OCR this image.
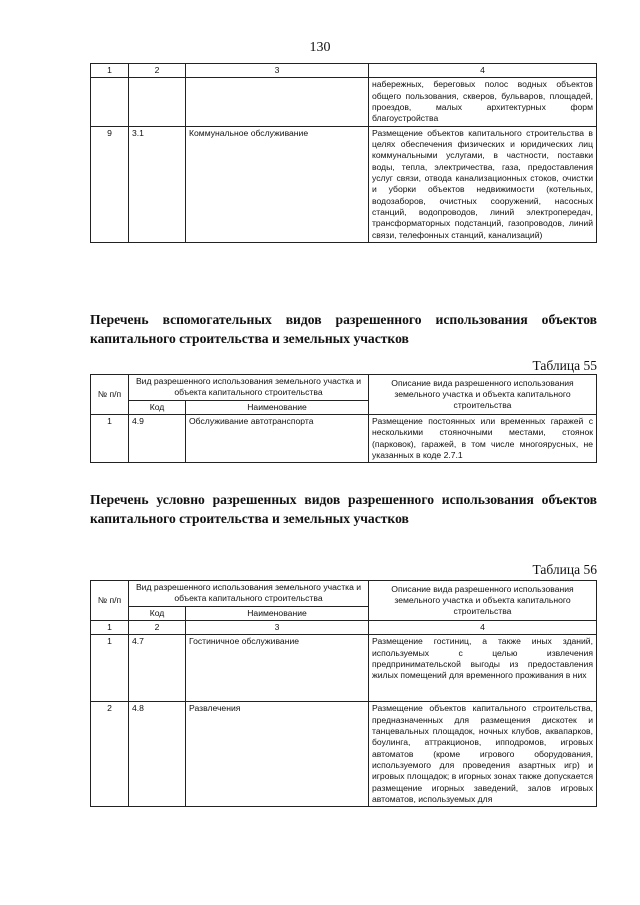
130
1	2	3	4
			набережных, береговых полос водных объектов общего пользования, скверов, бульваров, площадей, проездов, малых архитектурных форм благоустройства
9	3.1	Коммунальное обслуживание	Размещение объектов капитального строительства в целях обеспечения физических и юридических лиц коммунальными услугами, в частности, поставки воды, тепла, электричества, газа, предоставления услуг связи, отвода канализационных стоков, очистки и уборки объектов недвижимости (котельных, водозаборов, очистных сооружений, насосных станций, водопроводов, линий электропередач, трансформаторных подстанций, газопроводов, линий связи, телефонных станций, канализаций)
Перечень вспомогательных видов разрешенного использования объектов капитального строительства и земельных участков
Таблица 55
№ п/п	Вид разрешенного использования земельного участка и объекта капитального строительства		Описание вида разрешенного использования земельного участка и объекта капитального строительства
	Код	Наименование	
1	4.9	Обслуживание автотранспорта	Размещение постоянных или временных гаражей с несколькими стояночными местами, стоянок (парковок), гаражей, в том числе многоярусных, не указанных в коде 2.7.1
Перечень условно разрешенных видов разрешенного использования объектов капитального строительства и земельных участков
Таблица 56
№ п/п	Вид разрешенного использования земельного участка и объекта капитального строительства		Описание вида разрешенного использования земельного участка и объекта капитального строительства
	Код	Наименование	
1	2	3	4
1	4.7	Гостиничное обслуживание	Размещение гостиниц, а также иных зданий, используемых с целью извлечения предпринимательской выгоды из предоставления жилых помещений для временного проживания в них
2	4.8	Развлечения	Размещение объектов капитального строительства, предназначенных для размещения дискотек и танцевальных площадок, ночных клубов, аквапарков, боулинга, аттракционов, ипподромов, игровых автоматов (кроме игрового оборудования, используемого для проведения азартных игр) и игровых площадок; в игорных зонах также допускается размещение игорных заведений, залов игровых автоматов, используемых для
